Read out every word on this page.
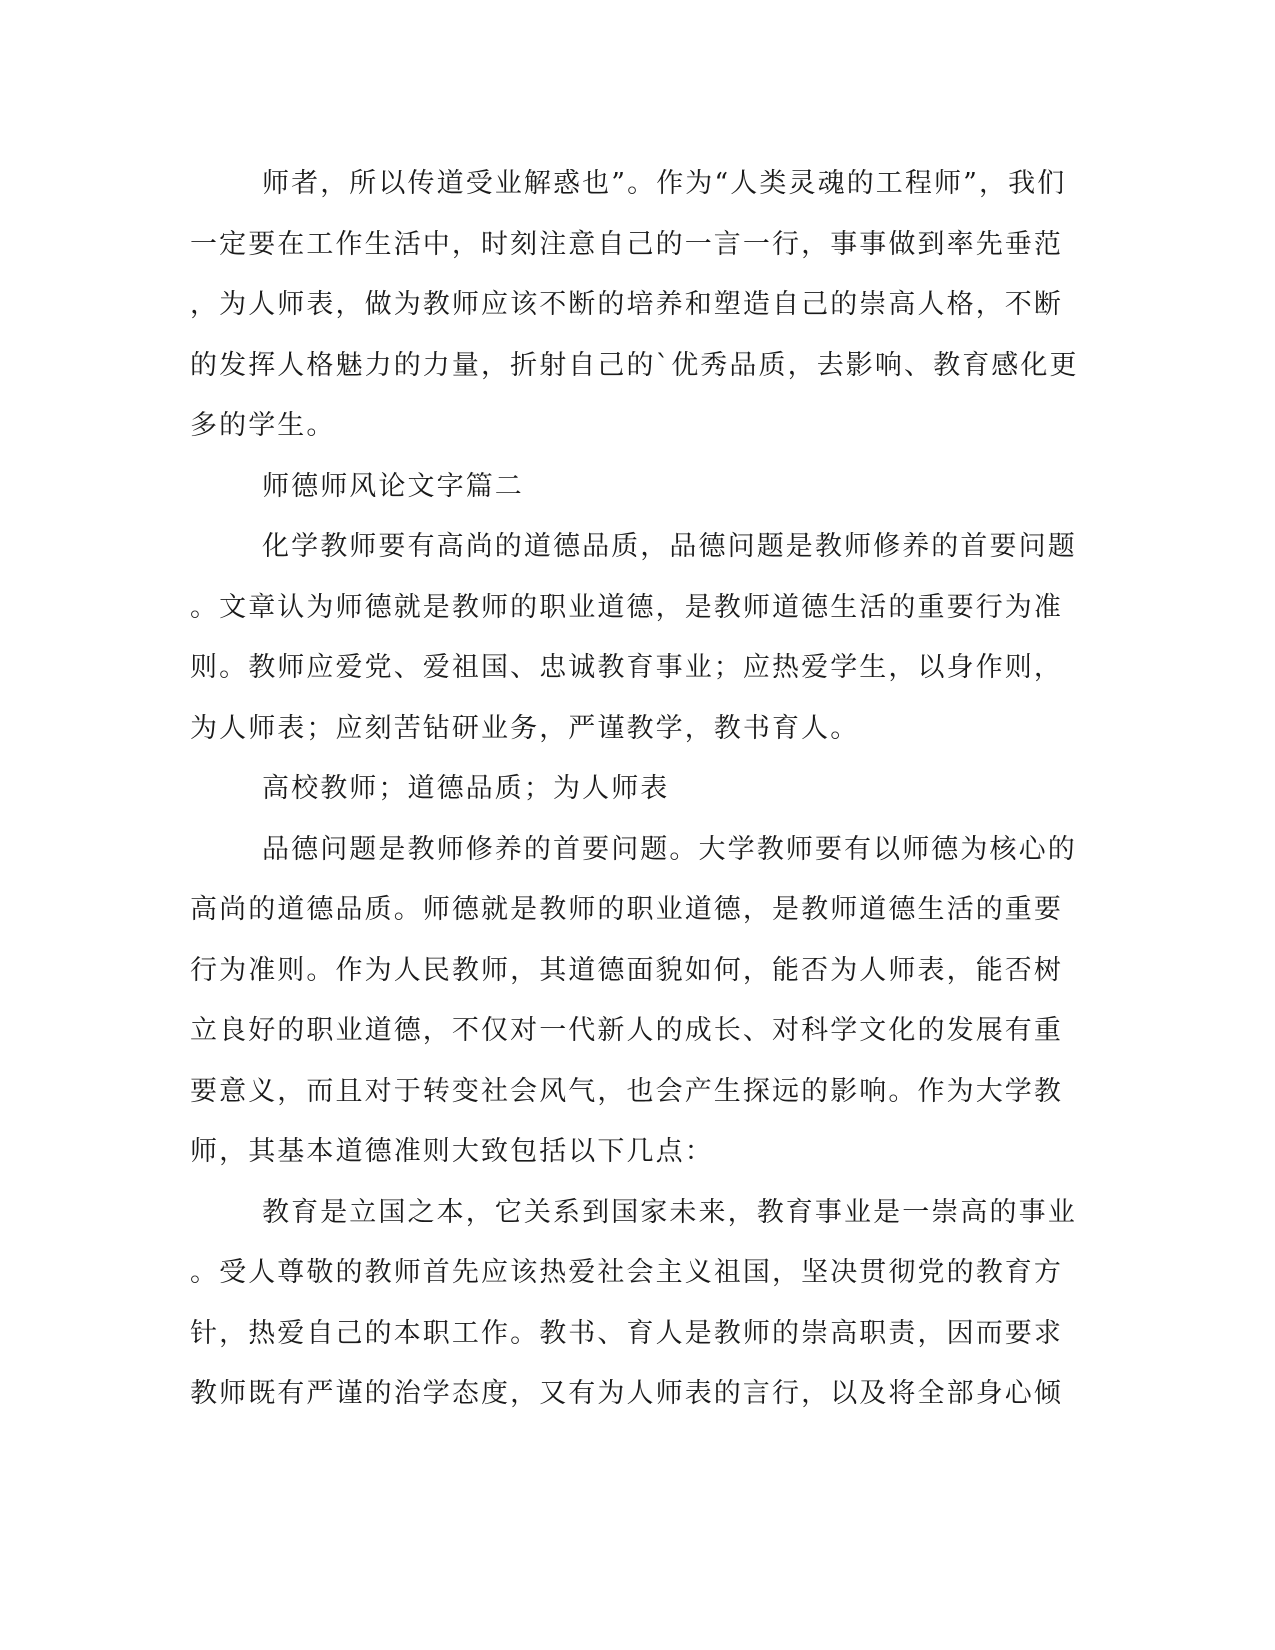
师者，所以传道受业解惑也”。作为“人类灵魂的工程师”，我们
一定要在工作生活中，时刻注意自己的一言一行，事事做到率先垂范
，为人师表，做为教师应该不断的培养和塑造自己的崇高人格，不断
的发挥人格魅力的力量，折射自己的`优秀品质，去影响、教育感化更
多的学生。

师德师风论文字篇二

化学教师要有高尚的道德品质，品德问题是教师修养的首要问题
。文章认为师德就是教师的职业道德，是教师道德生活的重要行为准
则。教师应爱党、爱祖国、忠诚教育事业；应热爱学生，以身作则，
为人师表；应刻苦钻研业务，严谨教学，教书育人。

高校教师；道德品质；为人师表

品德问题是教师修养的首要问题。大学教师要有以师德为核心的
高尚的道德品质。师德就是教师的职业道德，是教师道德生活的重要
行为准则。作为人民教师，其道德面貌如何，能否为人师表，能否树
立良好的职业道德，不仅对一代新人的成长、对科学文化的发展有重
要意义，而且对于转变社会风气，也会产生探远的影响。作为大学教
师，其基本道德准则大致包括以下几点：

教育是立国之本，它关系到国家未来，教育事业是一崇高的事业
。受人尊敬的教师首先应该热爱社会主义祖国，坚决贯彻党的教育方
针，热爱自己的本职工作。教书、育人是教师的崇高职责，因而要求
教师既有严谨的治学态度，又有为人师表的言行，以及将全部身心倾
